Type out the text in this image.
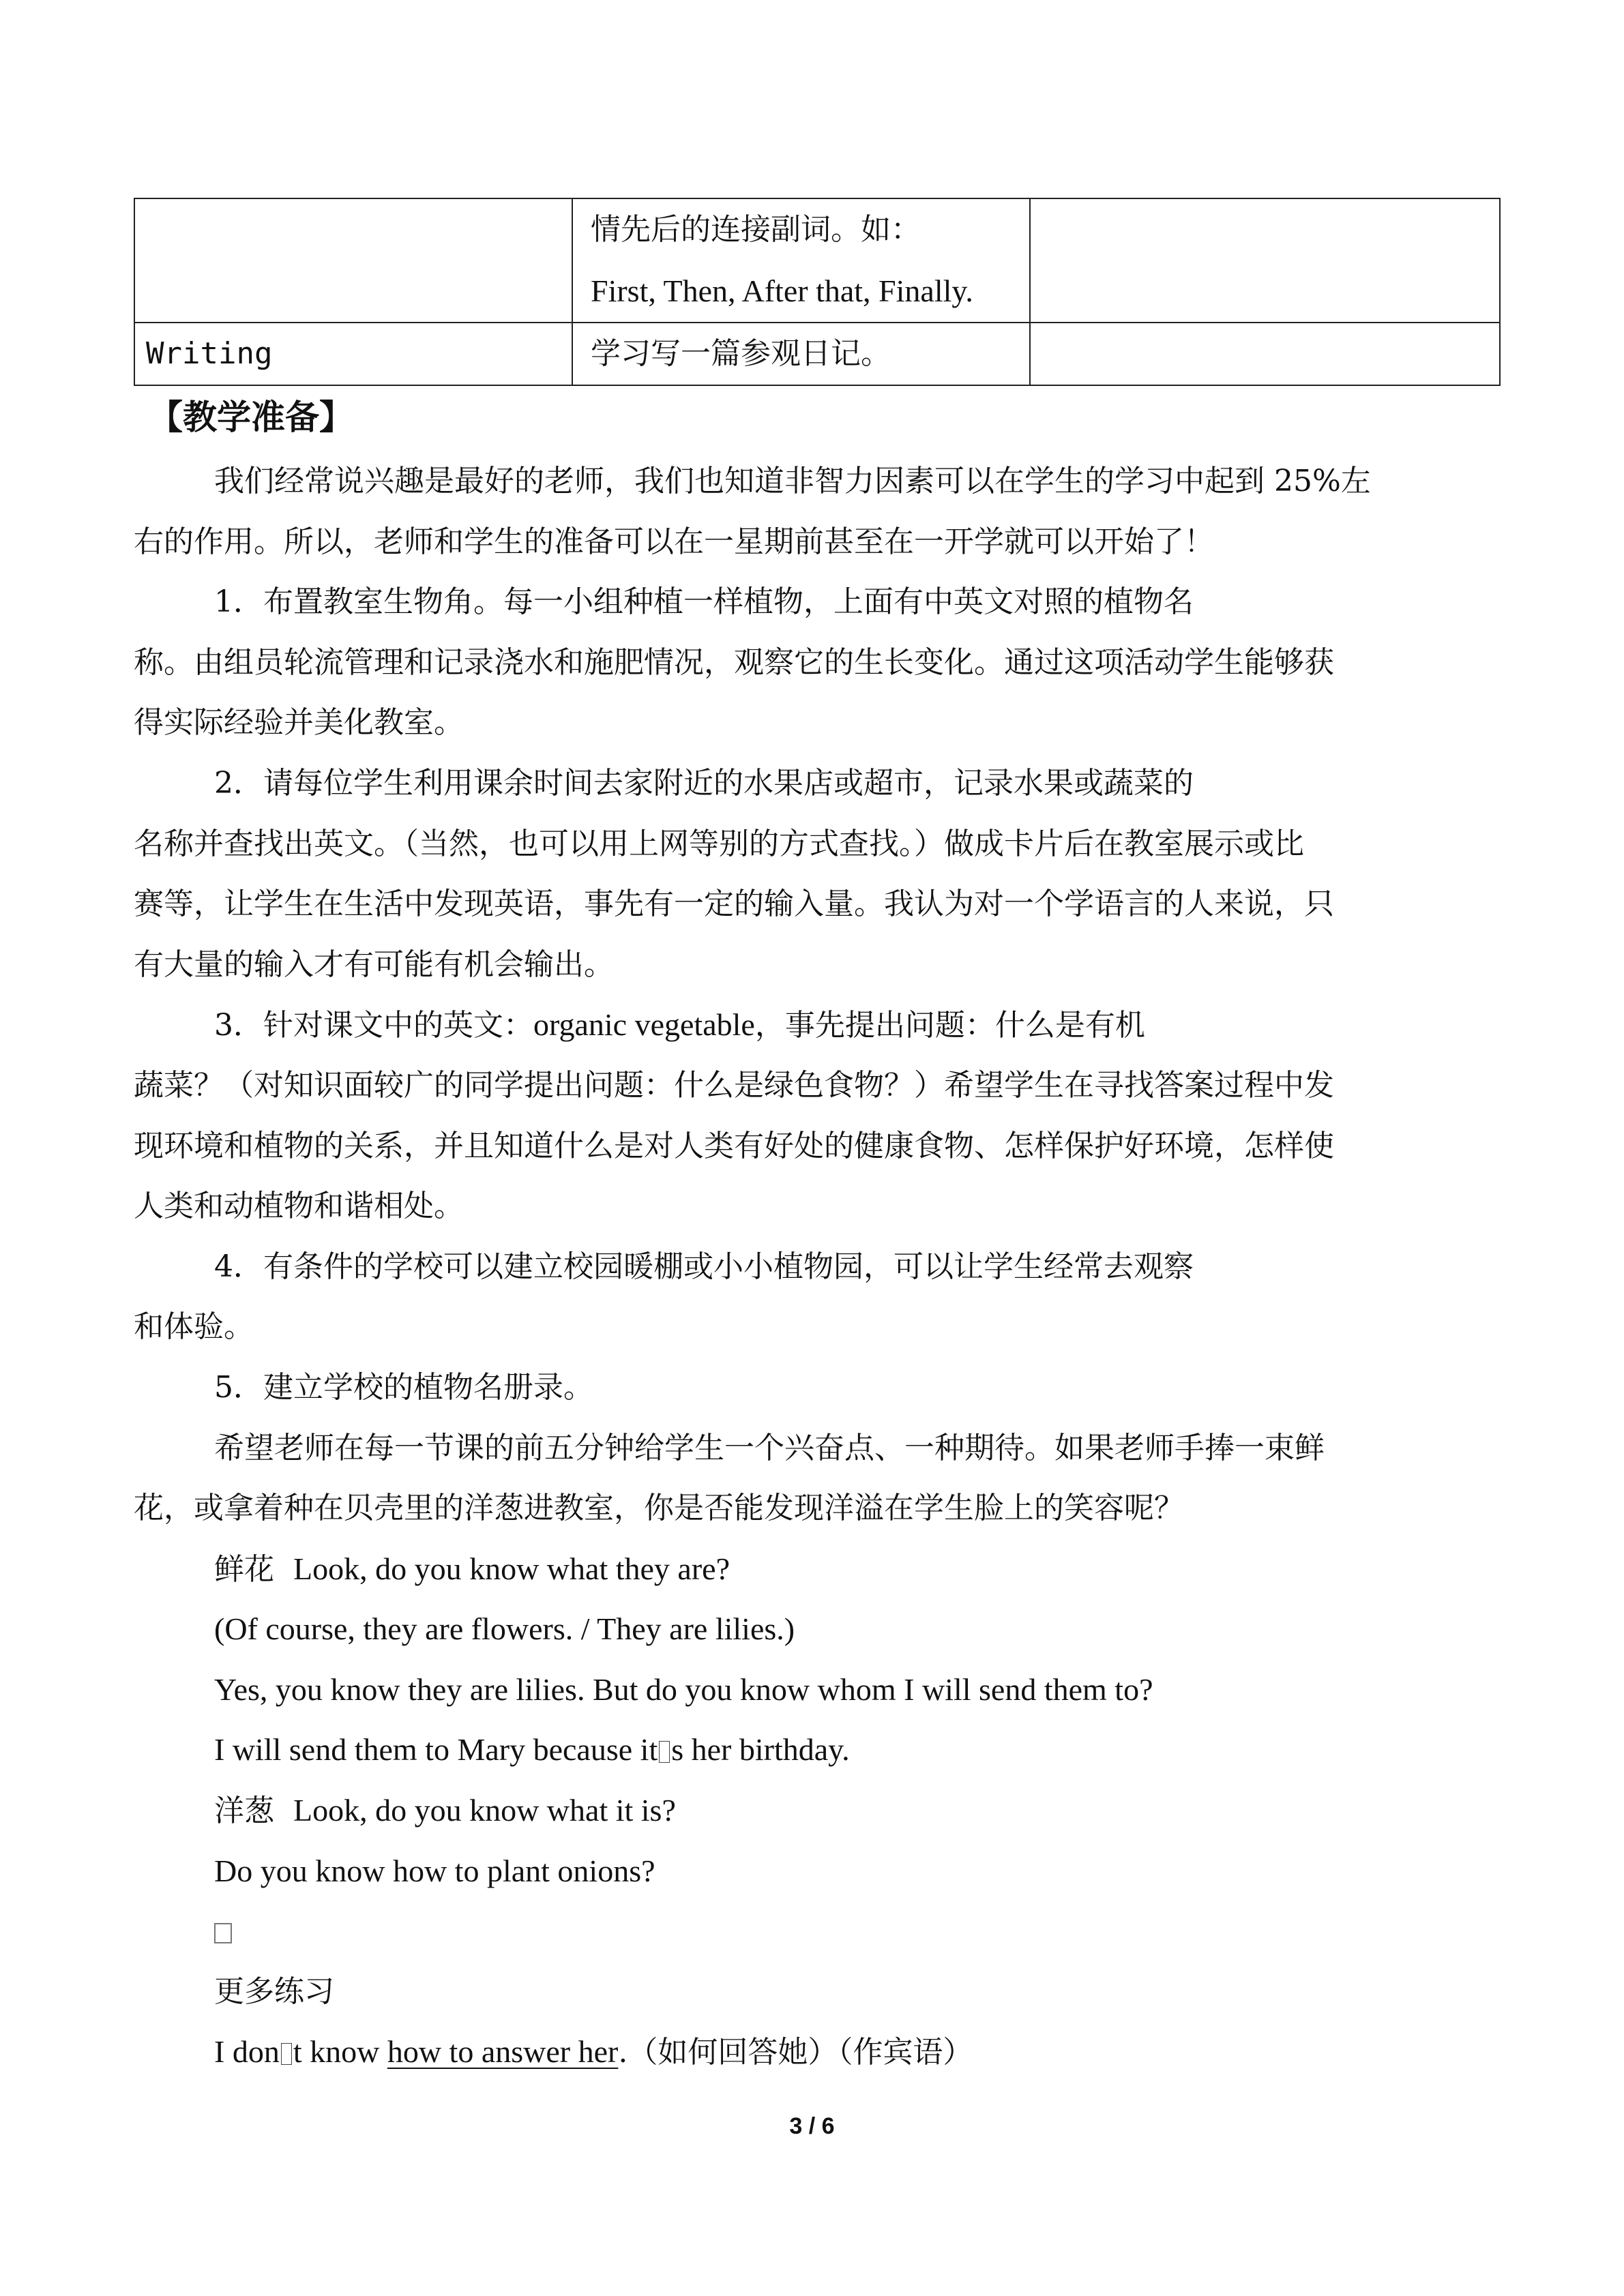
	情先后的连接副词。如：
First, Then, After that, Finally.	

Writing	学习写一篇参观日记。	
【教学准备】

我们经常说兴趣是最好的老师，我们也知道非智力因素可以在学生的学习中起到 25%左

右的作用。所以，老师和学生的准备可以在一星期前甚至在一开学就可以开始了！

1．布置教室生物角。每一小组种植一样植物，上面有中英文对照的植物名

称。由组员轮流管理和记录浇水和施肥情况，观察它的生长变化。通过这项活动学生能够获

得实际经验并美化教室。

2．请每位学生利用课余时间去家附近的水果店或超市，记录水果或蔬菜的

名称并查找出英文。（当然，也可以用上网等别的方式查找。）做成卡片后在教室展示或比

赛等，让学生在生活中发现英语，事先有一定的输入量。我认为对一个学语言的人来说，只

有大量的输入才有可能有机会输出。

3．针对课文中的英文：organic vegetable，事先提出问题：什么是有机

蔬菜？（对知识面较广的同学提出问题：什么是绿色食物？）希望学生在寻找答案过程中发

现环境和植物的关系，并且知道什么是对人类有好处的健康食物、怎样保护好环境，怎样使

人类和动植物和谐相处。

4．有条件的学校可以建立校园暖棚或小小植物园，可以让学生经常去观察

和体验。

5．建立学校的植物名册录。

希望老师在每一节课的前五分钟给学生一个兴奋点、一种期待。如果老师手捧一束鲜

花，或拿着种在贝壳里的洋葱进教室，你是否能发现洋溢在学生脸上的笑容呢？

鲜花 Look, do you know what they are?

(Of course, they are flowers. / They are lilies.)

Yes, you know they are lilies. But do you know whom I will send them to?

I will send them to Mary because it s her birthday.

洋葱 Look, do you know what it is?

Do you know how to plant onions?

更多练习

I don t know how to answer her.（如何回答她）（作宾语）

3 / 6
